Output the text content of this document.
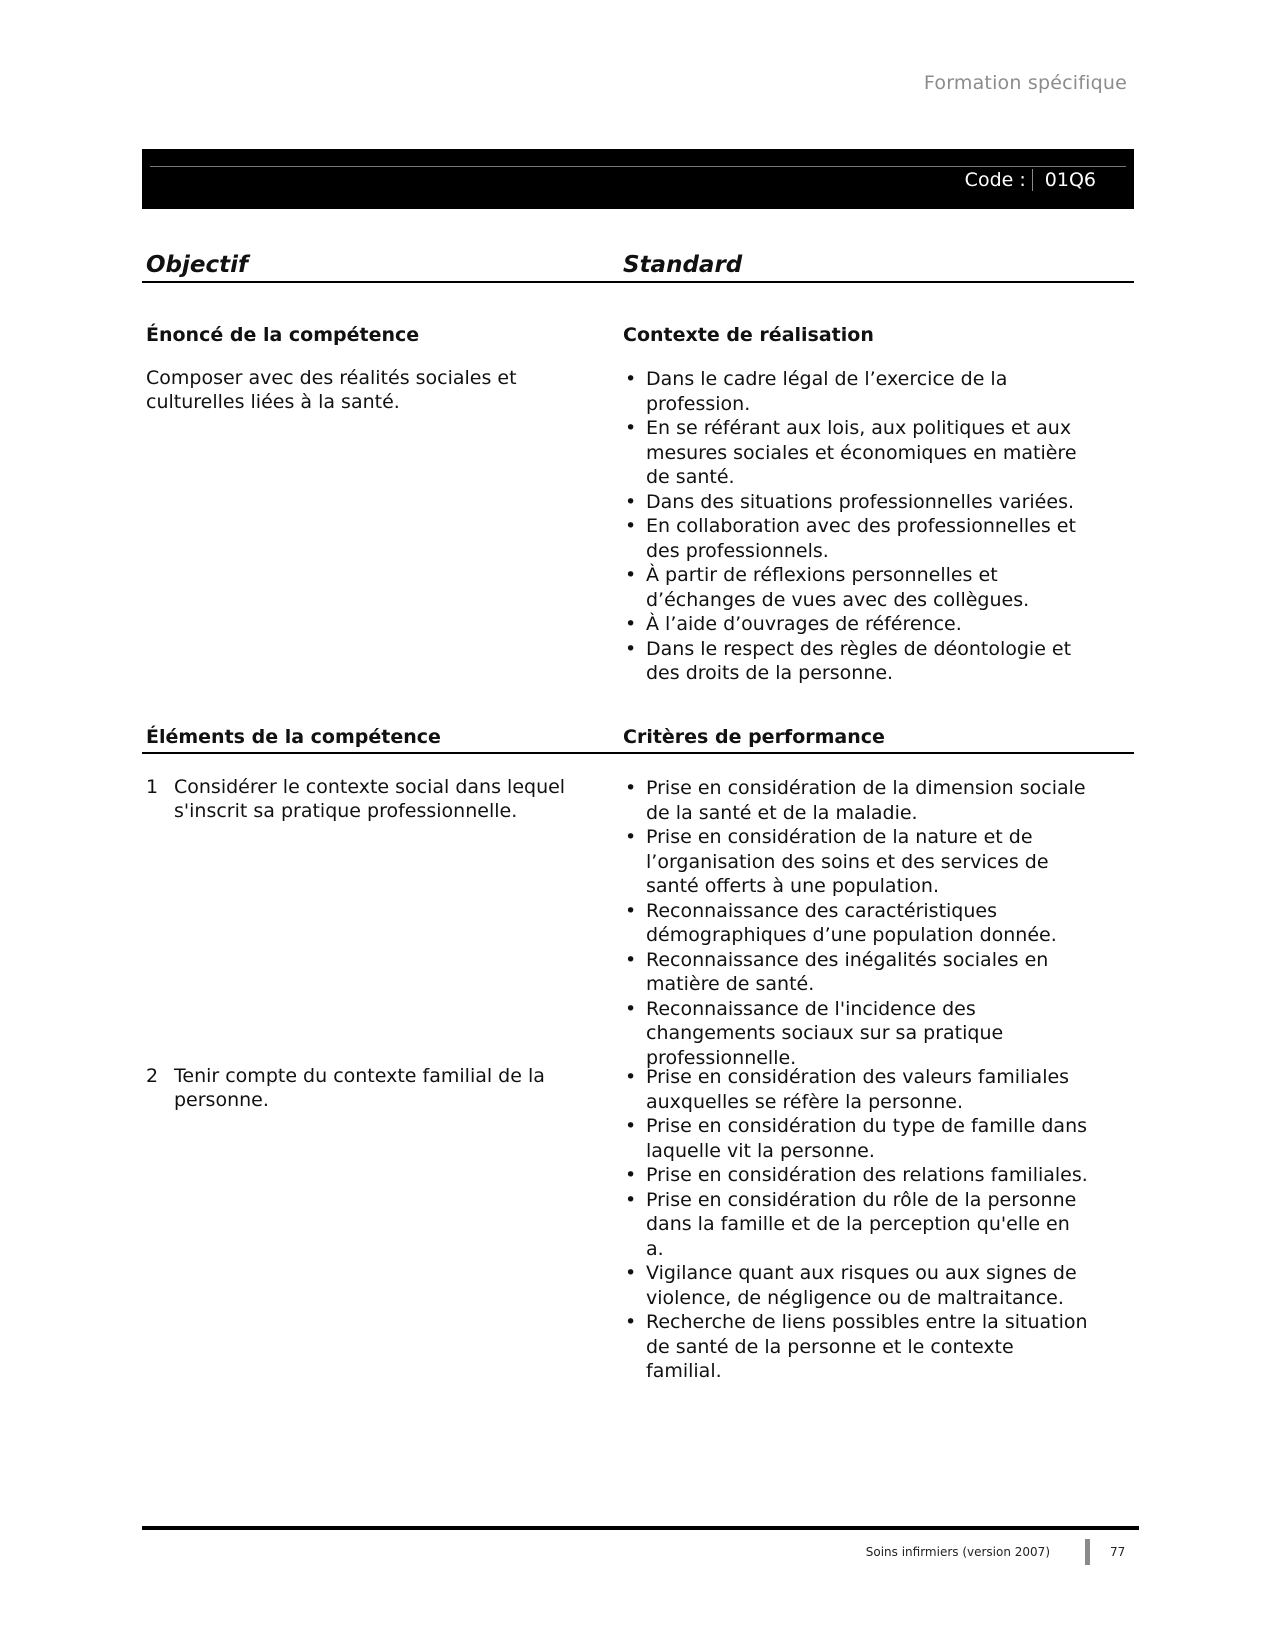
Formation spécifique
Code : 01Q6
Objectif	Standard
Énoncé de la compétence	Contexte de réalisation
Composer avec des réalités sociales et culturelles liées à la santé.
• Dans le cadre légal de l’exercice de la profession.
• En se référant aux lois, aux politiques et aux mesures sociales et économiques en matière de santé.
• Dans des situations professionnelles variées.
• En collaboration avec des professionnelles et des professionnels.
• À partir de réflexions personnelles et d’échanges de vues avec des collègues.
• À l’aide d’ouvrages de référence.
• Dans le respect des règles de déontologie et des droits de la personne.
Éléments de la compétence	Critères de performance
1 Considérer le contexte social dans lequel s'inscrit sa pratique professionnelle.
• Prise en considération de la dimension sociale de la santé et de la maladie.
• Prise en considération de la nature et de l’organisation des soins et des services de santé offerts à une population.
• Reconnaissance des caractéristiques démographiques d’une population donnée.
• Reconnaissance des inégalités sociales en matière de santé.
• Reconnaissance de l'incidence des changements sociaux sur sa pratique professionnelle.
2 Tenir compte du contexte familial de la personne.
• Prise en considération des valeurs familiales auxquelles se réfère la personne.
• Prise en considération du type de famille dans laquelle vit la personne.
• Prise en considération des relations familiales.
• Prise en considération du rôle de la personne dans la famille et de la perception qu'elle en a.
• Vigilance quant aux risques ou aux signes de violence, de négligence ou de maltraitance.
• Recherche de liens possibles entre la situation de santé de la personne et le contexte familial.
Soins infirmiers (version 2007)	77
